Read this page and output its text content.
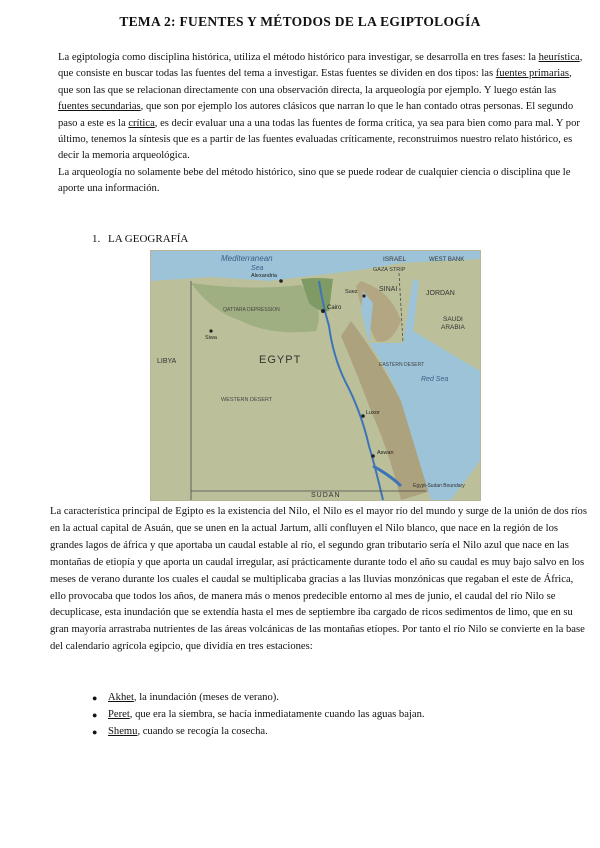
TEMA 2: FUENTES Y MÉTODOS DE LA EGIPTOLOGÍA

La egiptología como disciplina histórica, utiliza el método histórico para investigar, se desarrolla en tres fases: la heurística, que consiste en buscar todas las fuentes del tema a investigar. Estas fuentes se dividen en dos tipos: las fuentes primarias, que son las que se relacionan directamente con una observación directa, la arqueología por ejemplo. Y luego están las fuentes secundarias, que son por ejemplo los autores clásicos que narran lo que le han contado otras personas. El segundo paso a este es la crítica, es decir evaluar una a una todas las fuentes de forma crítica, ya sea para bien como para mal. Y por último, tenemos la síntesis que es a partir de las fuentes evaluadas críticamente, reconstruimos nuestro relato histórico, es decir la memoria arqueológica.

La arqueología no solamente bebe del método histórico, sino que se puede rodear de cualquier ciencia o disciplina que le aporte una información.

1. LA GEOGRAFÍA
Mediterranean
Sea
ISRAEL	WEST BANK
GAZA STRIP
JORDAN
SINAI
EGYPT
LIBYA
SAUDI
ARABIA
Red Sea
SUDAN
Cairo
Alexandria
Suez
Luxor
Aswan
Siwa
QATTARA DEPRESSION
WESTERN DESERT
EASTERN DESERT
Egypt-Sudan Boundary

La característica principal de Egipto es la existencia del Nilo, el Nilo es el mayor río del mundo y surge de la unión de dos ríos en la actual capital de Asuán, que se unen en la actual Jartum, allí confluyen el Nilo blanco, que nace en la región de los grandes lagos de áfrica y que aportaba un caudal estable al río, el segundo gran tributario sería el Nilo azul que nace en las montañas de etiopía y que aporta un caudal irregular, así prácticamente durante todo el año su caudal es muy bajo salvo en los meses de verano durante los cuales el caudal se multiplicaba gracias a las lluvias monzónicas que regaban el este de África, ello provocaba que todos los años, de manera más o menos predecible entorno al mes de junio, el caudal del río Nilo se decuplicase, esta inundación que se extendía hasta el mes de septiembre iba cargado de ricos sedimentos de limo, que en su gran mayoría arrastraba nutrientes de las áreas volcánicas de las montañas etíopes. Por tanto el río Nilo se convierte en la base del calendario agrícola egipcio, que dividía en tres estaciones:

● Akhet, la inundación (meses de verano).
● Peret, que era la siembra, se hacía inmediatamente cuando las aguas bajan.
● Shemu, cuando se recogía la cosecha.
